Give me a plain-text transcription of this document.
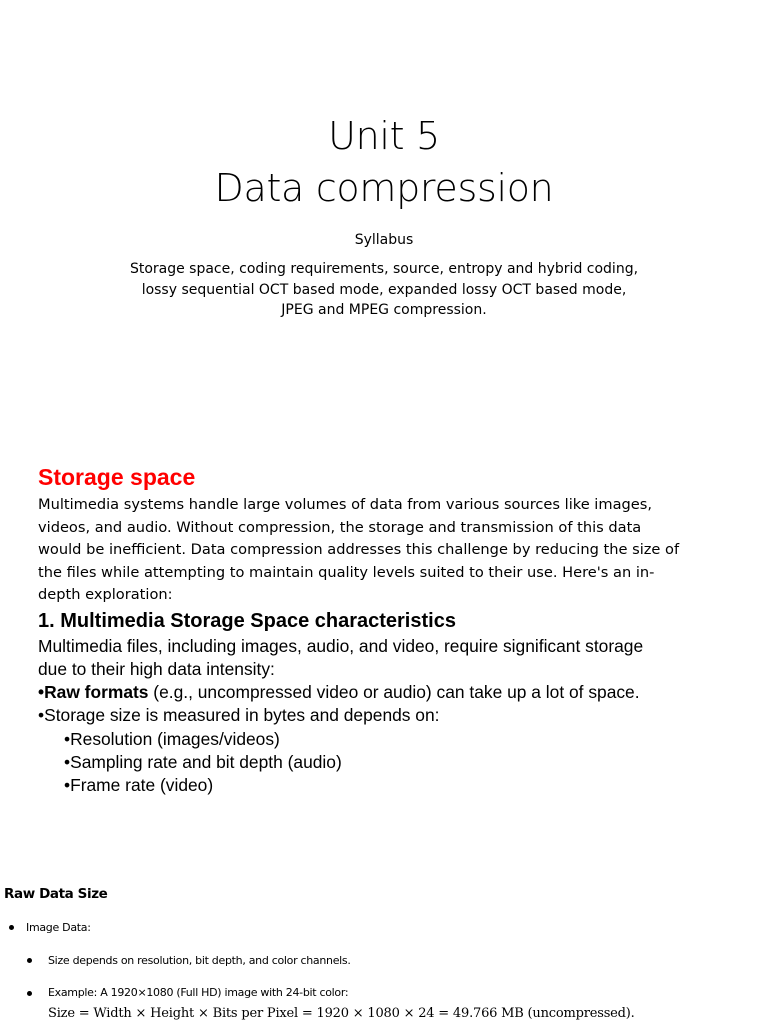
Unit 5
Data compression
Syllabus
Storage space, coding requirements, source, entropy and hybrid coding,
lossy sequential OCT based mode, expanded lossy OCT based mode,
JPEG and MPEG compression.
Storage space
Multimedia systems handle large volumes of data from various sources like images,
videos, and audio. Without compression, the storage and transmission of this data
would be inefficient. Data compression addresses this challenge by reducing the size of
the files while attempting to maintain quality levels suited to their use. Here's an in-
depth exploration:
1. Multimedia Storage Space characteristics
Multimedia files, including images, audio, and video, require significant storage
due to their high data intensity:
•Raw formats (e.g., uncompressed video or audio) can take up a lot of space.
•Storage size is measured in bytes and depends on:
•Resolution (images/videos)
•Sampling rate and bit depth (audio)
•Frame rate (video)
Raw Data Size
Image Data:
Size depends on resolution, bit depth, and color channels.
Example: A 1920×1080 (Full HD) image with 24-bit color:
Size = Width × Height × Bits per Pixel = 1920 × 1080 × 24 = 49.766 MB (uncompressed).
